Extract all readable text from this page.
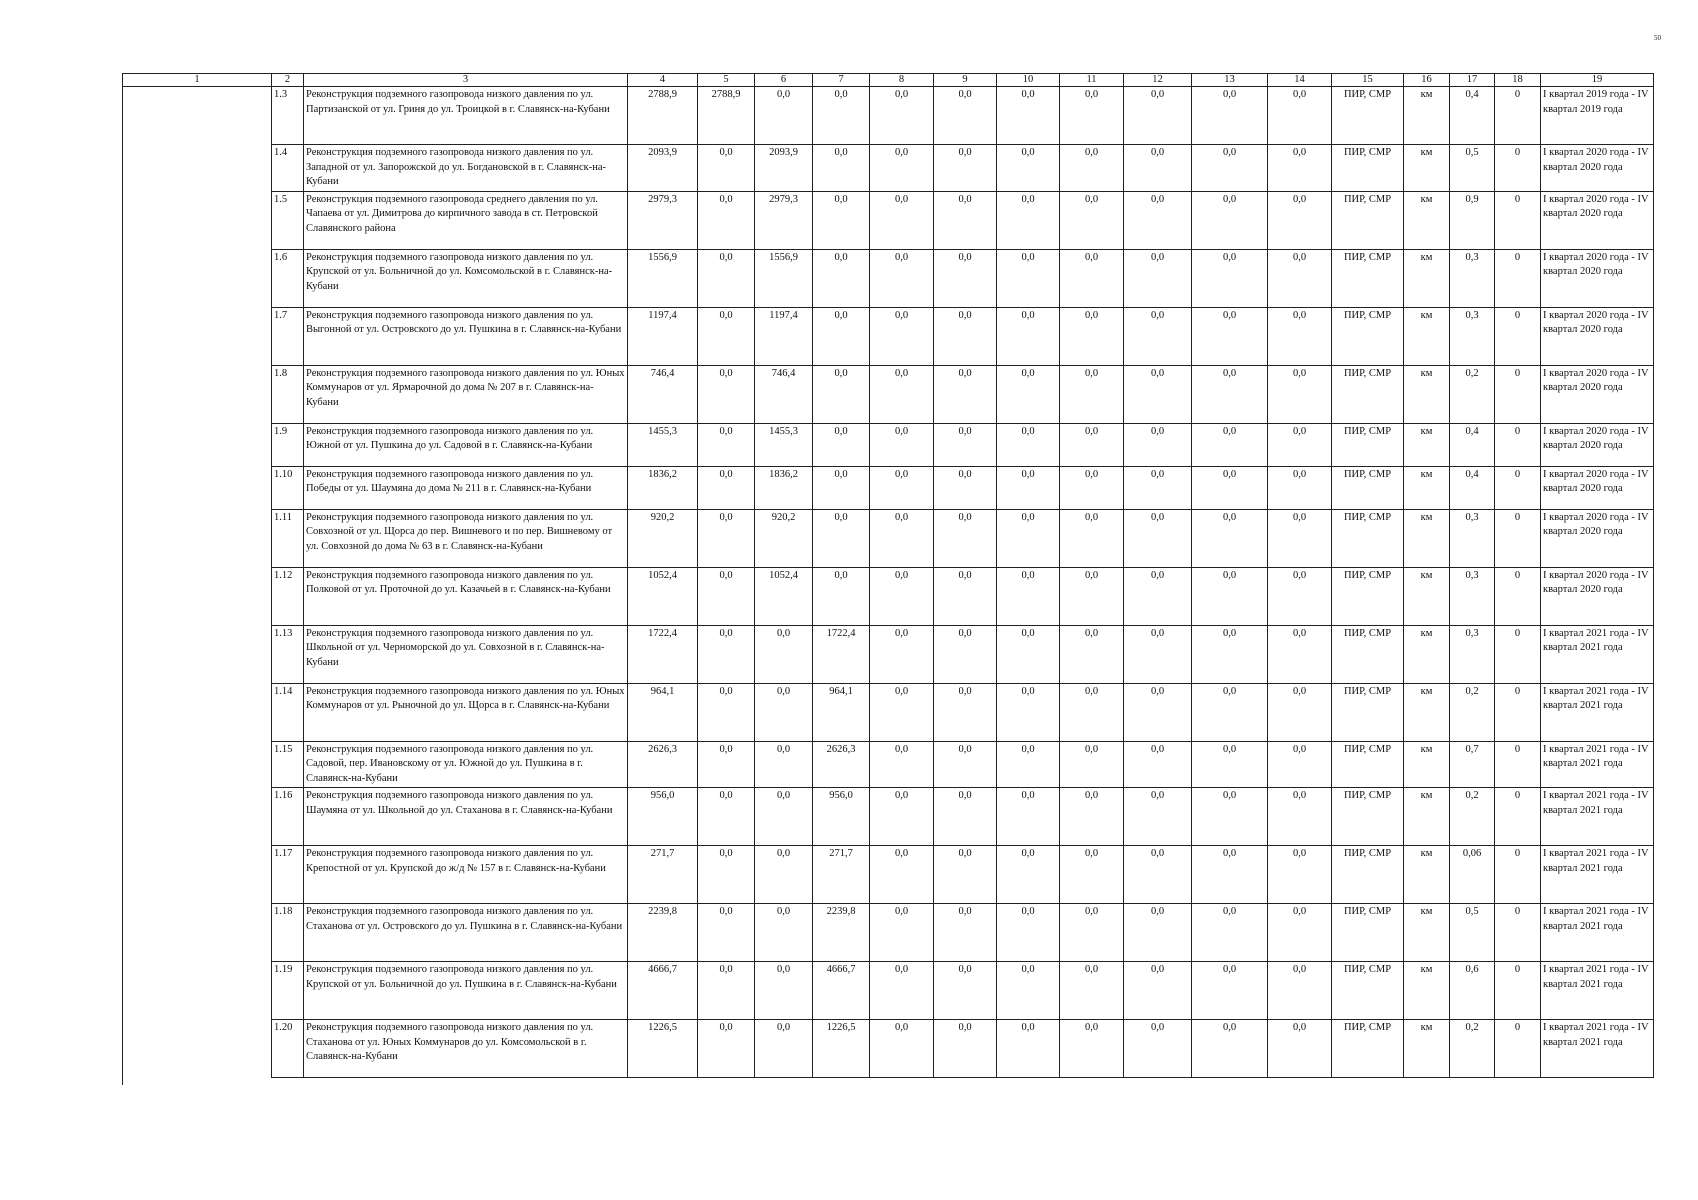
50
1	2	3	4	5	6	7	8	9	10	11	12	13	14	15	16	17	18	19
	1.3	Реконструкция подземного газопровода низкого давления по ул. Партизанской от ул. Гриня до ул. Троицкой в г. Славянск-на-Кубани	2788,9	2788,9	0,0	0,0	0,0	0,0	0,0	0,0	0,0	0,0	0,0	ПИР, СМР	км	0,4	0	I квартал 2019 года - IV квартал 2019 года
	1.4	Реконструкция подземного газопровода низкого давления по ул. Западной от ул. Запорожской до ул. Богдановской в г. Славянск-на-Кубани	2093,9	0,0	2093,9	0,0	0,0	0,0	0,0	0,0	0,0	0,0	0,0	ПИР, СМР	км	0,5	0	I квартал 2020 года - IV квартал 2020 года
	1.5	Реконструкция подземного газопровода среднего давления по ул. Чапаева от ул. Димитрова до кирпичного завода в ст. Петровской Славянского района	2979,3	0,0	2979,3	0,0	0,0	0,0	0,0	0,0	0,0	0,0	0,0	ПИР, СМР	км	0,9	0	I квартал 2020 года - IV квартал 2020 года
	1.6	Реконструкция подземного газопровода низкого давления по ул. Крупской от ул. Больничной до ул. Комсомольской в г. Славянск-на-Кубани	1556,9	0,0	1556,9	0,0	0,0	0,0	0,0	0,0	0,0	0,0	0,0	ПИР, СМР	км	0,3	0	I квартал 2020 года - IV квартал 2020 года
	1.7	Реконструкция подземного газопровода низкого давления по ул. Выгонной от ул. Островского до ул. Пушкина в г. Славянск-на-Кубани	1197,4	0,0	1197,4	0,0	0,0	0,0	0,0	0,0	0,0	0,0	0,0	ПИР, СМР	км	0,3	0	I квартал 2020 года - IV квартал 2020 года
	1.8	Реконструкция подземного газопровода низкого давления по ул. Юных Коммунаров от ул. Ярмарочной до дома № 207 в г. Славянск-на-Кубани	746,4	0,0	746,4	0,0	0,0	0,0	0,0	0,0	0,0	0,0	0,0	ПИР, СМР	км	0,2	0	I квартал 2020 года - IV квартал 2020 года
	1.9	Реконструкция подземного газопровода низкого давления по ул. Южной от ул. Пушкина до ул. Садовой в г. Славянск-на-Кубани	1455,3	0,0	1455,3	0,0	0,0	0,0	0,0	0,0	0,0	0,0	0,0	ПИР, СМР	км	0,4	0	I квартал 2020 года - IV квартал 2020 года
	1.10	Реконструкция подземного газопровода низкого давления по ул. Победы от ул. Шаумяна до дома № 211 в г. Славянск-на-Кубани	1836,2	0,0	1836,2	0,0	0,0	0,0	0,0	0,0	0,0	0,0	0,0	ПИР, СМР	км	0,4	0	I квартал 2020 года - IV квартал 2020 года
	1.11	Реконструкция подземного газопровода низкого давления по ул. Совхозной от ул. Щорса до пер. Вишневого и по пер. Вишневому от ул. Совхозной до дома № 63 в г. Славянск-на-Кубани	920,2	0,0	920,2	0,0	0,0	0,0	0,0	0,0	0,0	0,0	0,0	ПИР, СМР	км	0,3	0	I квартал 2020 года - IV квартал 2020 года
	1.12	Реконструкция подземного газопровода низкого давления по ул. Полковой от ул. Проточной до ул. Казачьей в г. Славянск-на-Кубани	1052,4	0,0	1052,4	0,0	0,0	0,0	0,0	0,0	0,0	0,0	0,0	ПИР, СМР	км	0,3	0	I квартал 2020 года - IV квартал 2020 года
	1.13	Реконструкция подземного газопровода низкого давления по ул. Школьной от ул. Черноморской до ул. Совхозной в г. Славянск-на-Кубани	1722,4	0,0	0,0	1722,4	0,0	0,0	0,0	0,0	0,0	0,0	0,0	ПИР, СМР	км	0,3	0	I квартал 2021 года - IV квартал 2021 года
	1.14	Реконструкция подземного газопровода низкого давления по ул. Юных Коммунаров от ул. Рыночной до ул. Щорса в г. Славянск-на-Кубани	964,1	0,0	0,0	964,1	0,0	0,0	0,0	0,0	0,0	0,0	0,0	ПИР, СМР	км	0,2	0	I квартал 2021 года - IV квартал 2021 года
	1.15	Реконструкция подземного газопровода низкого давления по ул. Садовой, пер. Ивановскому от ул. Южной до ул. Пушкина в г. Славянск-на-Кубани	2626,3	0,0	0,0	2626,3	0,0	0,0	0,0	0,0	0,0	0,0	0,0	ПИР, СМР	км	0,7	0	I квартал 2021 года - IV квартал 2021 года
	1.16	Реконструкция подземного газопровода низкого давления по ул. Шаумяна от ул. Школьной до ул. Стаханова в г. Славянск-на-Кубани	956,0	0,0	0,0	956,0	0,0	0,0	0,0	0,0	0,0	0,0	0,0	ПИР, СМР	км	0,2	0	I квартал 2021 года - IV квартал 2021 года
	1.17	Реконструкция подземного газопровода низкого давления по ул. Крепостной от ул. Крупской до ж/д № 157 в г. Славянск-на-Кубани	271,7	0,0	0,0	271,7	0,0	0,0	0,0	0,0	0,0	0,0	0,0	ПИР, СМР	км	0,06	0	I квартал 2021 года - IV квартал 2021 года
	1.18	Реконструкция подземного газопровода низкого давления по ул. Стаханова от ул. Островского до ул. Пушкина в г. Славянск-на-Кубани	2239,8	0,0	0,0	2239,8	0,0	0,0	0,0	0,0	0,0	0,0	0,0	ПИР, СМР	км	0,5	0	I квартал 2021 года - IV квартал 2021 года
	1.19	Реконструкция подземного газопровода низкого давления по ул. Крупской от ул. Больничной до ул. Пушкина в г. Славянск-на-Кубани	4666,7	0,0	0,0	4666,7	0,0	0,0	0,0	0,0	0,0	0,0	0,0	ПИР, СМР	км	0,6	0	I квартал 2021 года - IV квартал 2021 года
	1.20	Реконструкция подземного газопровода низкого давления по ул. Стаханова от ул. Юных Коммунаров до ул. Комсомольской в г. Славянск-на-Кубани	1226,5	0,0	0,0	1226,5	0,0	0,0	0,0	0,0	0,0	0,0	0,0	ПИР, СМР	км	0,2	0	I квартал 2021 года - IV квартал 2021 года
